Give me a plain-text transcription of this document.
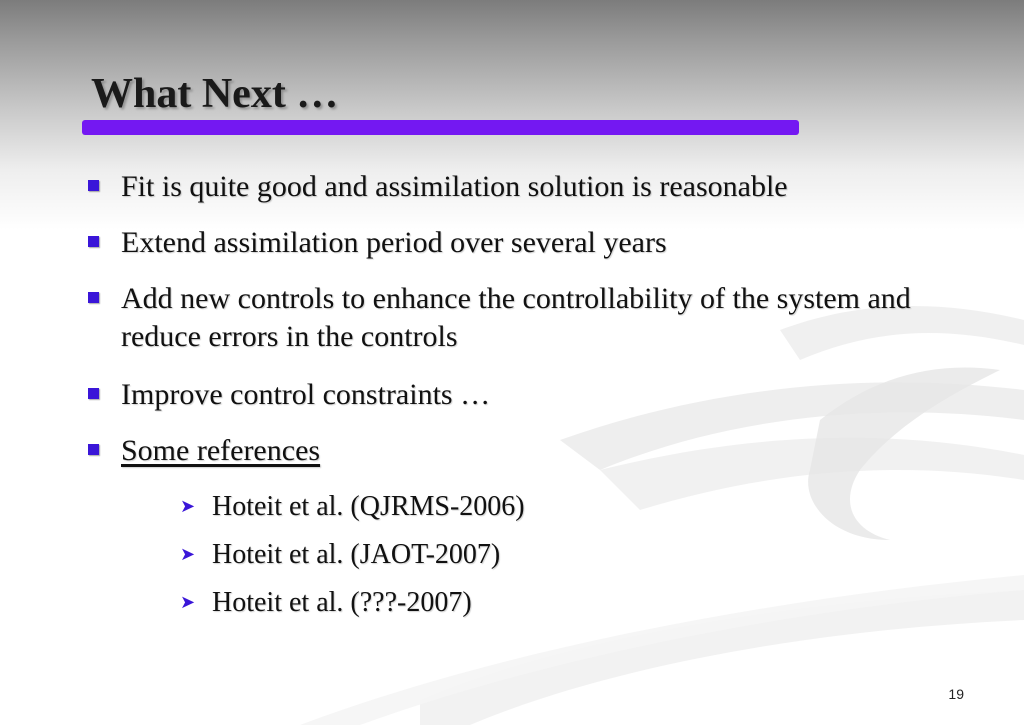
What Next …
Fit is quite good and assimilation solution is reasonable
Extend assimilation period over several years
Add new controls to enhance the controllability of the system and reduce errors in the controls
Improve control constraints …
Some references
➤ Hoteit et al. (QJRMS-2006)
➤ Hoteit et al. (JAOT-2007)
➤ Hoteit et al. (???-2007)
19
